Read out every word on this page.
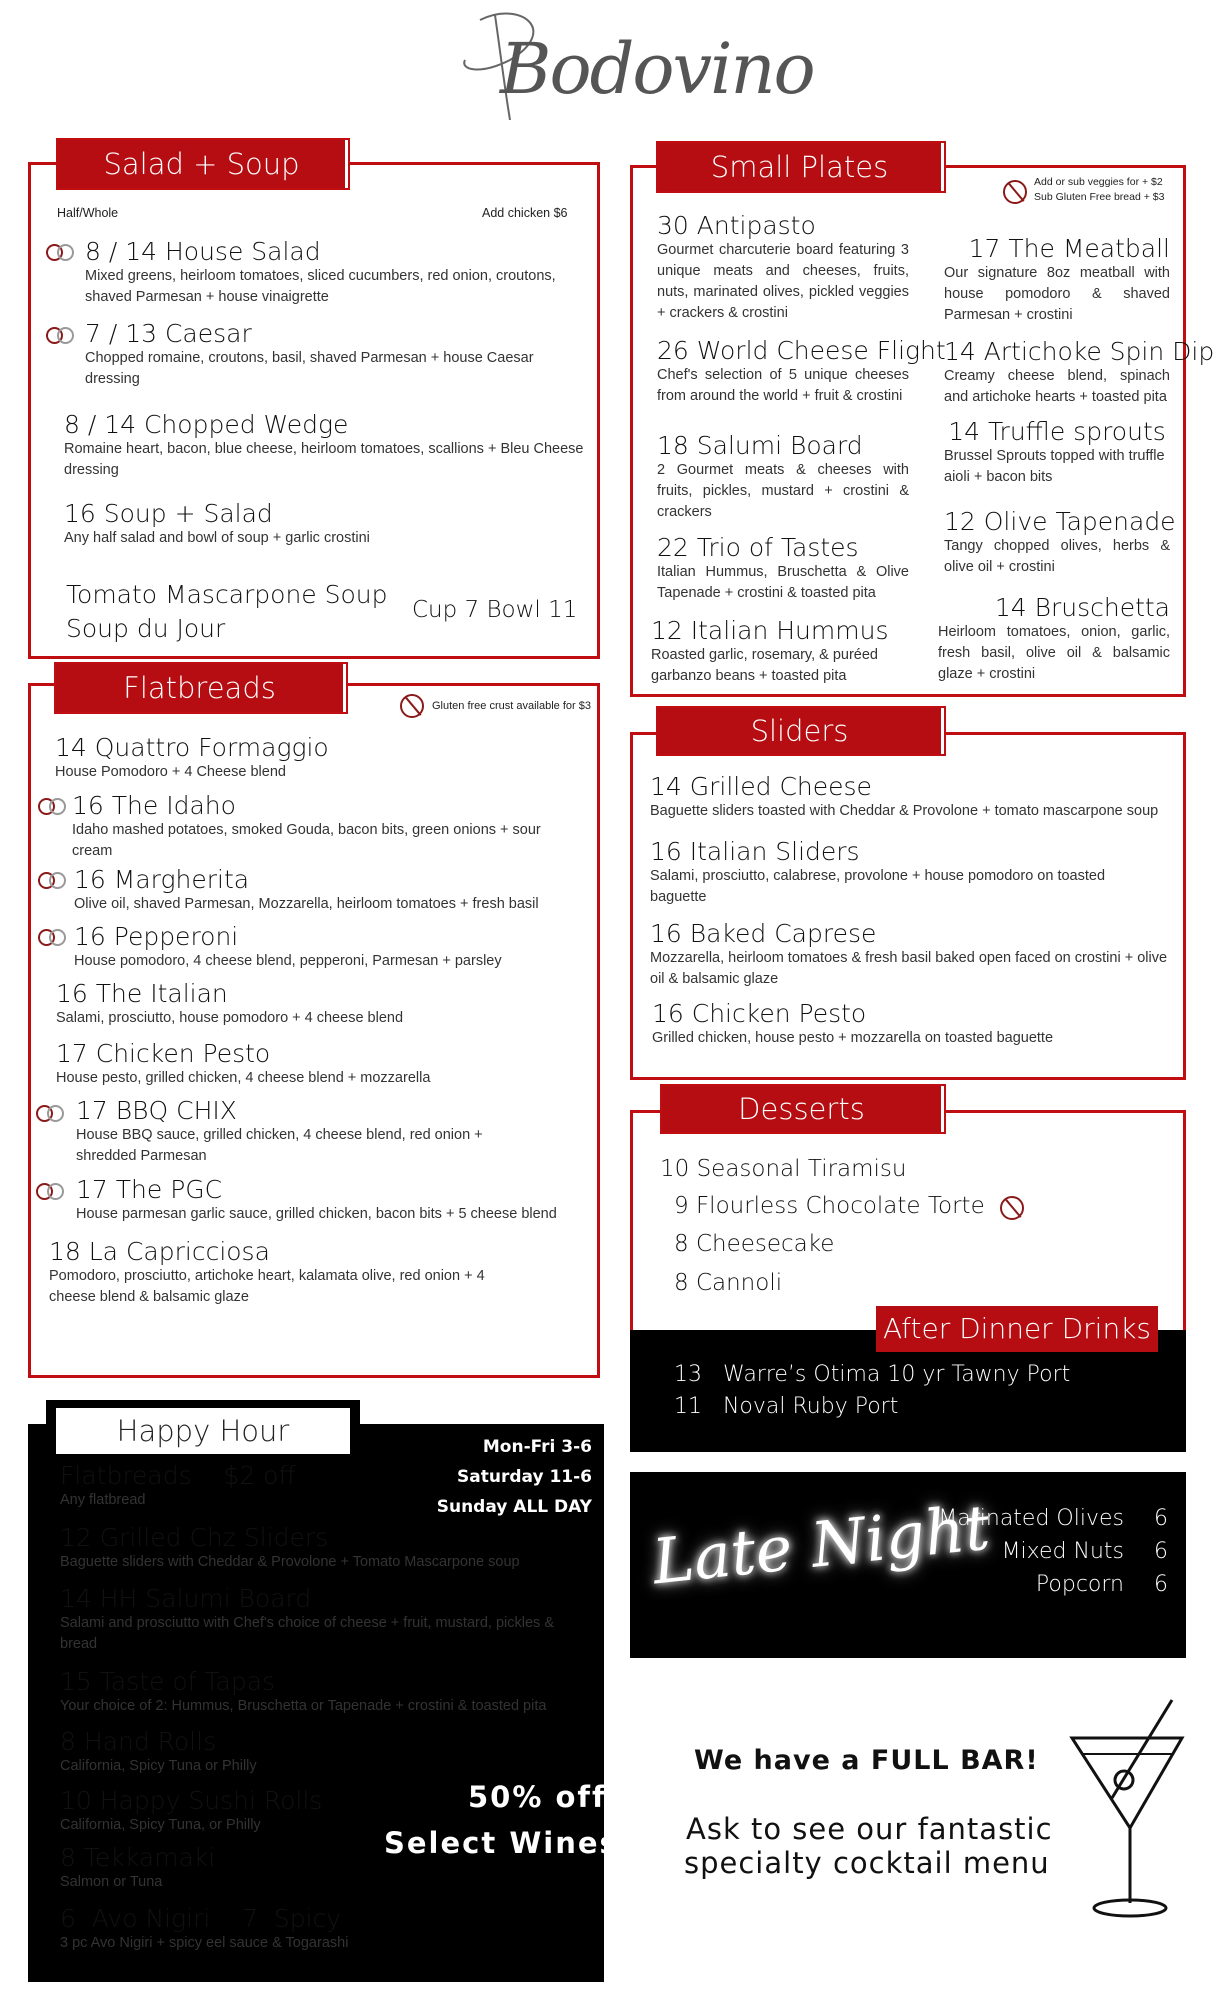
Bodovino
Salad + Soup
Half/Whole	Add chicken $6
8 / 14 House Salad
Mixed greens, heirloom tomatoes, sliced cucumbers, red onion, croutons, shaved Parmesan + house vinaigrette
7 / 13 Caesar
Chopped romaine, croutons, basil, shaved Parmesan + house Caesar dressing
8 / 14 Chopped Wedge
Romaine heart, bacon, blue cheese, heirloom tomatoes, scallions + Bleu Cheese dressing
16 Soup + Salad
Any half salad and bowl of soup + garlic crostini
Tomato Mascarpone Soup
Soup du Jour
Cup 7 Bowl 11
Flatbreads
Gluten free crust available for $3
14 Quattro Formaggio
House Pomodoro + 4 Cheese blend
16 The Idaho
Idaho mashed potatoes, smoked Gouda, bacon bits, green onions + sour cream
16 Margherita
Olive oil, shaved Parmesan, Mozzarella, heirloom tomatoes + fresh basil
16 Pepperoni
House pomodoro, 4 cheese blend, pepperoni, Parmesan + parsley
16 The Italian
Salami, prosciutto, house pomodoro + 4 cheese blend
17 Chicken Pesto
House pesto, grilled chicken, 4 cheese blend + mozzarella
17 BBQ CHIX
House BBQ sauce, grilled chicken, 4 cheese blend, red onion + shredded Parmesan
17 The PGC
House parmesan garlic sauce, grilled chicken, bacon bits + 5 cheese blend
18 La Capricciosa
Pomodoro, prosciutto, artichoke heart, kalamata olive, red onion + 4 cheese blend & balsamic glaze
Small Plates	Add or sub veggies for + $2
Sub Gluten Free bread + $3
30 Antipasto
Gourmet charcuterie board featuring 3 unique meats and cheeses, fruits, nuts, marinated olives, pickled veggies + crackers & crostini
26 World Cheese Flight
Chef's selection of 5 unique cheeses from around the world + fruit & crostini
18 Salumi Board
2 Gourmet meats & cheeses with fruits, pickles, mustard + crostini & crackers
22 Trio of Tastes
Italian Hummus, Bruschetta & Olive Tapenade + crostini & toasted pita
12 Italian Hummus
Roasted garlic, rosemary, & puréed garbanzo beans + toasted pita
17 The Meatball
Our signature 8oz meatball with house pomodoro & shaved Parmesan + crostini
14 Artichoke Spin Dip
Creamy cheese blend, spinach and artichoke hearts + toasted pita
14 Truffle sprouts
Brussel Sprouts topped with truffle aioli + bacon bits
12 Olive Tapenade
Tangy chopped olives, herbs & olive oil + crostini
14 Bruschetta
Heirloom tomatoes, onion, garlic, fresh basil, olive oil & balsamic glaze + crostini
Sliders
14 Grilled Cheese
Baguette sliders toasted with Cheddar & Provolone + tomato mascarpone soup
16 Italian Sliders
Salami, prosciutto, calabrese, provolone + house pomodoro on toasted baguette
16 Baked Caprese
Mozzarella, heirloom tomatoes & fresh basil baked open faced on crostini + olive oil & balsamic glaze
16 Chicken Pesto
Grilled chicken, house pesto + mozzarella on toasted baguette
Desserts
10 Seasonal Tiramisu
9 Flourless Chocolate Torte
8 Cheesecake
8 Cannoli
After Dinner Drinks
13   Warre’s Otima 10 yr Tawny Port
11   Noval Ruby Port
Late Night
Marinated Olives 6
Mixed Nuts 6
Popcorn 6
We have a FULL BAR!
Ask to see our fantastic
specialty cocktail menu
Happy Hour	Mon-Fri 3-6
Saturday 11-6
Sunday ALL DAY
Flatbreads    $2 off
Any flatbread
12 Grilled Chz Sliders
Baguette sliders with Cheddar & Provolone + Tomato Mascarpone soup
14 HH Salumi Board
Salami and prosciutto with Chef's choice of cheese + fruit, mustard, pickles & bread
15 Taste of Tapas
Your choice of 2: Hummus, Bruschetta or Tapenade + crostini & toasted pita
8 Hand Rolls
California, Spicy Tuna or Philly
10 Happy Sushi Rolls
California, Spicy Tuna, or Philly
8 Tekkamaki
Salmon or Tuna
6  Avo Nigiri    7  Spicy
3 pc Avo Nigiri + spicy eel sauce & Togarashi
50% off
Select Wines
